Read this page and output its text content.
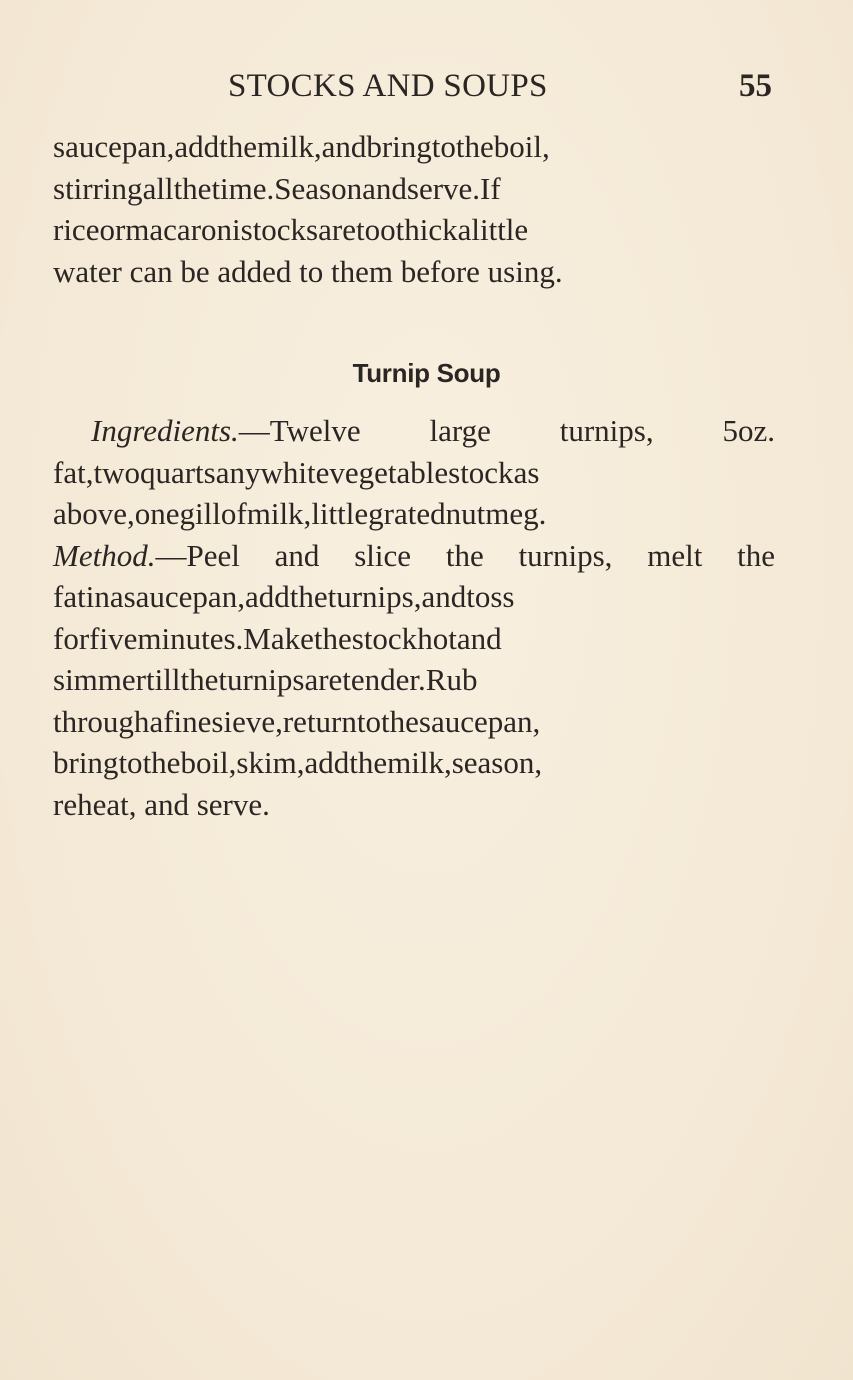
STOCKS AND SOUPS	55
saucepan,addthemilk,andbringtotheboil,
stirringallthetime.Seasonandserve.If
riceormacaronistocksaretoothickalittle
water can be added to them before using.
Turnip Soup
Ingredients.—Twelve large turnips, 5oz.
fat,twoquartsanywhitevegetablestockas
above,onegillofmilk,littlegratednutmeg.
Method.—Peel and slice the turnips, melt the
fatinasaucepan,addtheturnips,andtoss
forfiveminutes.Makethestockhotand
simmertilltheturnipsaretender.Rub
throughafinesieve,returntothesaucepan,
bringtotheboil,skim,addthemilk,season,
reheat, and serve.
